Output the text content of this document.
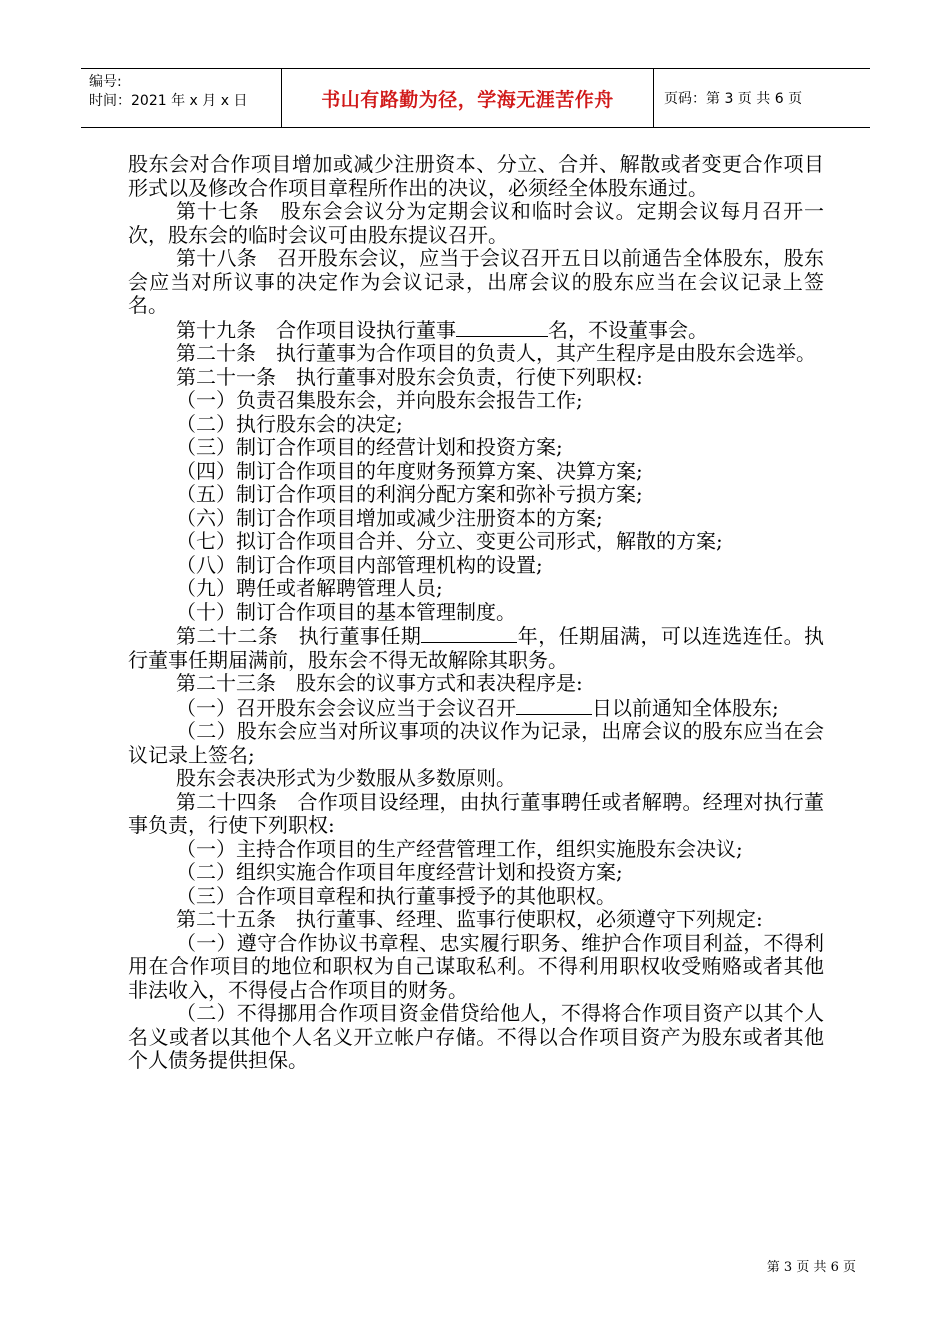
编号:
时间：2021 年 x 月 x 日	书山有路勤为径，学海无涯苦作舟	页码：第 3 页 共 6 页

股东会对合作项目增加或减少注册资本、分立、合并、解散或者变更合作项目形式以及修改合作项目章程所作出的决议，必须经全体股东通过。

第十七条　股东会会议分为定期会议和临时会议。定期会议每月召开一次，股东会的临时会议可由股东提议召开。

第十八条　召开股东会议，应当于会议召开五日以前通告全体股东，股东会应当对所议事的决定作为会议记录，出席会议的股东应当在会议记录上签名。

第十九条　合作项目设执行董事	名，不设董事会。

第二十条　执行董事为合作项目的负责人，其产生程序是由股东会选举。

第二十一条　执行董事对股东会负责，行使下列职权:

（一）负责召集股东会，并向股东会报告工作;

（二）执行股东会的决定;

（三）制订合作项目的经营计划和投资方案;

（四）制订合作项目的年度财务预算方案、决算方案;

（五）制订合作项目的利润分配方案和弥补亏损方案;

（六）制订合作项目增加或减少注册资本的方案;

（七）拟订合作项目合并、分立、变更公司形式，解散的方案;

（八）制订合作项目内部管理机构的设置;

（九）聘任或者解聘管理人员;

（十）制订合作项目的基本管理制度。

第二十二条　执行董事任期	年，任期届满，可以连选连任。执行董事任期届满前，股东会不得无故解除其职务。

第二十三条　股东会的议事方式和表决程序是:

（一）召开股东会会议应当于会议召开	日以前通知全体股东;

（二）股东会应当对所议事项的决议作为记录，出席会议的股东应当在会议记录上签名;

股东会表决形式为少数服从多数原则。

第二十四条　合作项目设经理，由执行董事聘任或者解聘。经理对执行董事负责，行使下列职权:

（一）主持合作项目的生产经营管理工作，组织实施股东会决议;

（二）组织实施合作项目年度经营计划和投资方案;

（三）合作项目章程和执行董事授予的其他职权。

第二十五条　执行董事、经理、监事行使职权，必须遵守下列规定:

（一）遵守合作协议书章程、忠实履行职务、维护合作项目利益，不得利用在合作项目的地位和职权为自己谋取私利。不得利用职权收受贿赂或者其他非法收入，不得侵占合作项目的财务。

（二）不得挪用合作项目资金借贷给他人，不得将合作项目资产以其个人名义或者以其他个人名义开立帐户存储。不得以合作项目资产为股东或者其他个人债务提供担保。

第 3 页 共 6 页
